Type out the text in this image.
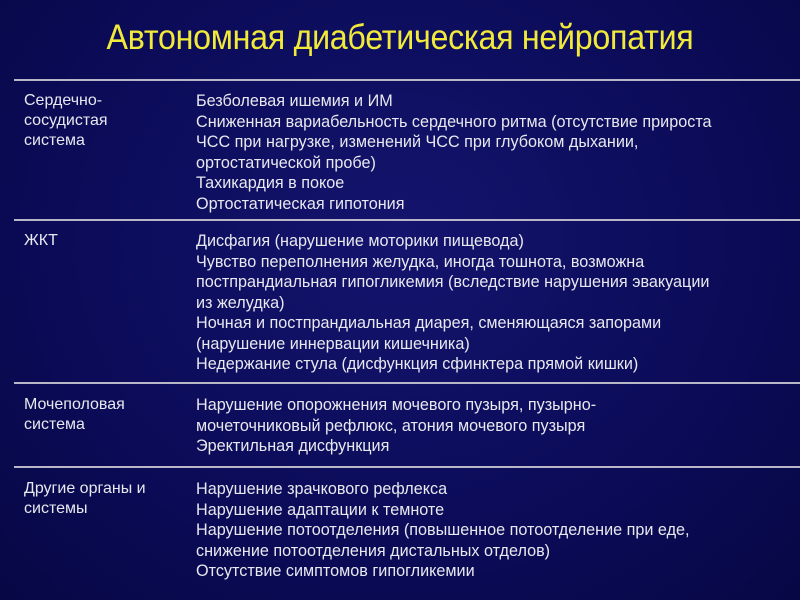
Автономная диабетическая нейропатия
Сердечно-
сосудистая
система
Безболевая ишемия и ИМ
Сниженная вариабельность сердечного ритма (отсутствие прироста
ЧСС при нагрузке, изменений ЧСС при глубоком дыхании,
ортостатической пробе)
Тахикардия в покое
Ортостатическая гипотония
ЖКТ	Дисфагия (нарушение моторики пищевода)
Чувство переполнения желудка, иногда тошнота, возможна
постпрандиальная гипогликемия (вследствие нарушения эвакуации
из желудка)
Ночная и постпрандиальная диарея, сменяющаяся запорами
(нарушение иннервации кишечника)
Недержание стула (дисфункция сфинктера прямой кишки)
Мочеполовая
система
Нарушение опорожнения мочевого пузыря, пузырно-
мочеточниковый рефлюкс, атония мочевого пузыря
Эректильная дисфункция
Другие органы и
системы
Нарушение зрачкового рефлекса
Нарушение адаптации к темноте
Нарушение потоотделения (повышенное потоотделение при еде,
снижение потоотделения дистальных отделов)
Отсутствие симптомов гипогликемии
